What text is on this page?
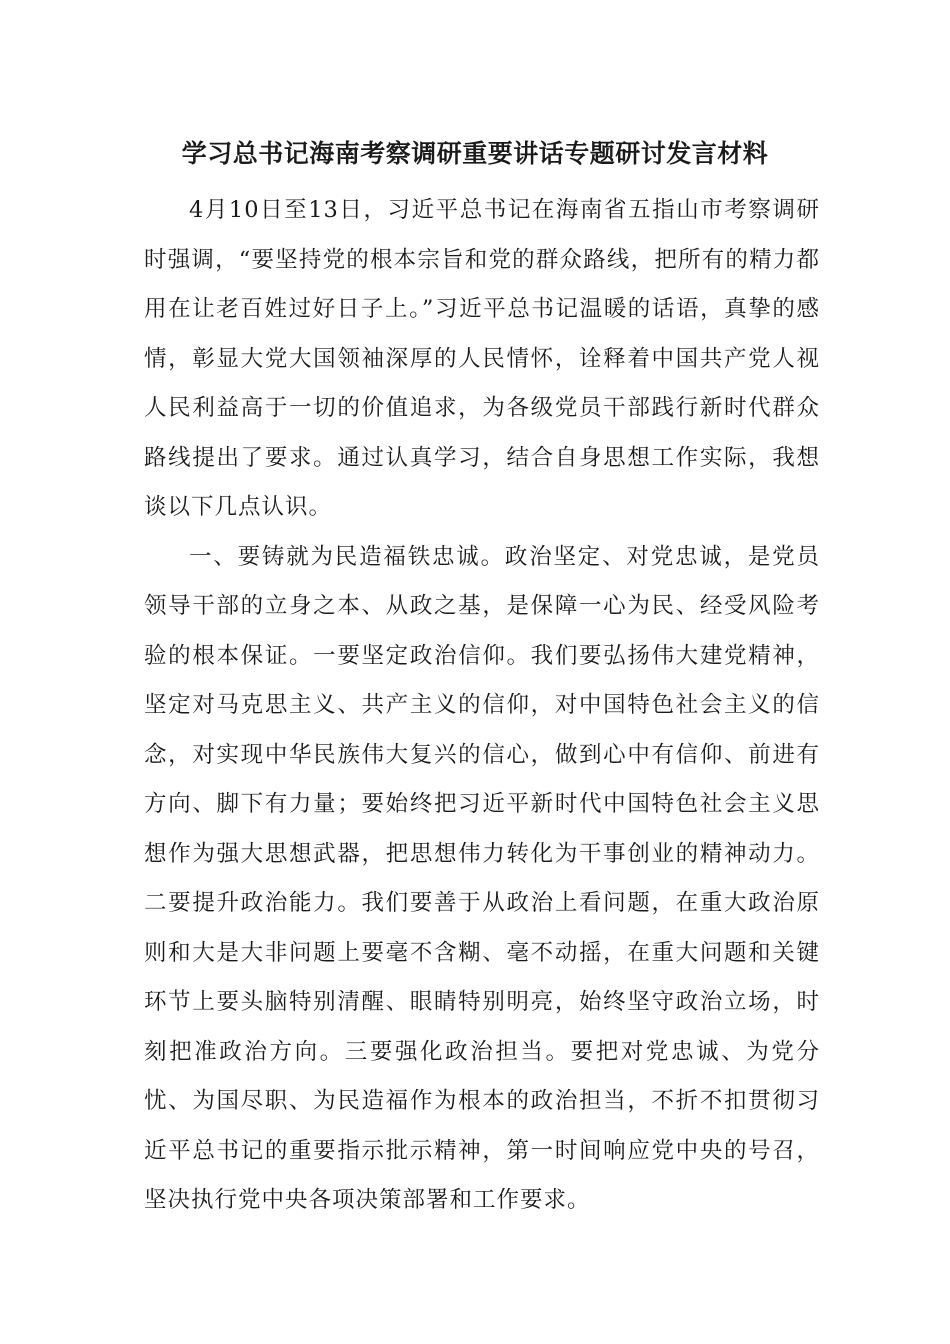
学习总书记海南考察调研重要讲话专题研讨发言材料

4月10日至13日，习近平总书记在海南省五指山市考察调研时强调，“要坚持党的根本宗旨和党的群众路线，把所有的精力都用在让老百姓过好日子上。”习近平总书记温暖的话语，真挚的感情，彰显大党大国领袖深厚的人民情怀，诠释着中国共产党人视人民利益高于一切的价值追求，为各级党员干部践行新时代群众路线提出了要求。通过认真学习，结合自身思想工作实际，我想谈以下几点认识。

一、要铸就为民造福铁忠诚。政治坚定、对党忠诚，是党员领导干部的立身之本、从政之基，是保障一心为民、经受风险考验的根本保证。一要坚定政治信仰。我们要弘扬伟大建党精神，坚定对马克思主义、共产主义的信仰，对中国特色社会主义的信念，对实现中华民族伟大复兴的信心，做到心中有信仰、前进有方向、脚下有力量；要始终把习近平新时代中国特色社会主义思想作为强大思想武器，把思想伟力转化为干事创业的精神动力。二要提升政治能力。我们要善于从政治上看问题，在重大政治原则和大是大非问题上要毫不含糊、毫不动摇，在重大问题和关键环节上要头脑特别清醒、眼睛特别明亮，始终坚守政治立场，时刻把准政治方向。三要强化政治担当。要把对党忠诚、为党分忧、为国尽职、为民造福作为根本的政治担当，不折不扣贯彻习近平总书记的重要指示批示精神，第一时间响应党中央的号召，坚决执行党中央各项决策部署和工作要求。
